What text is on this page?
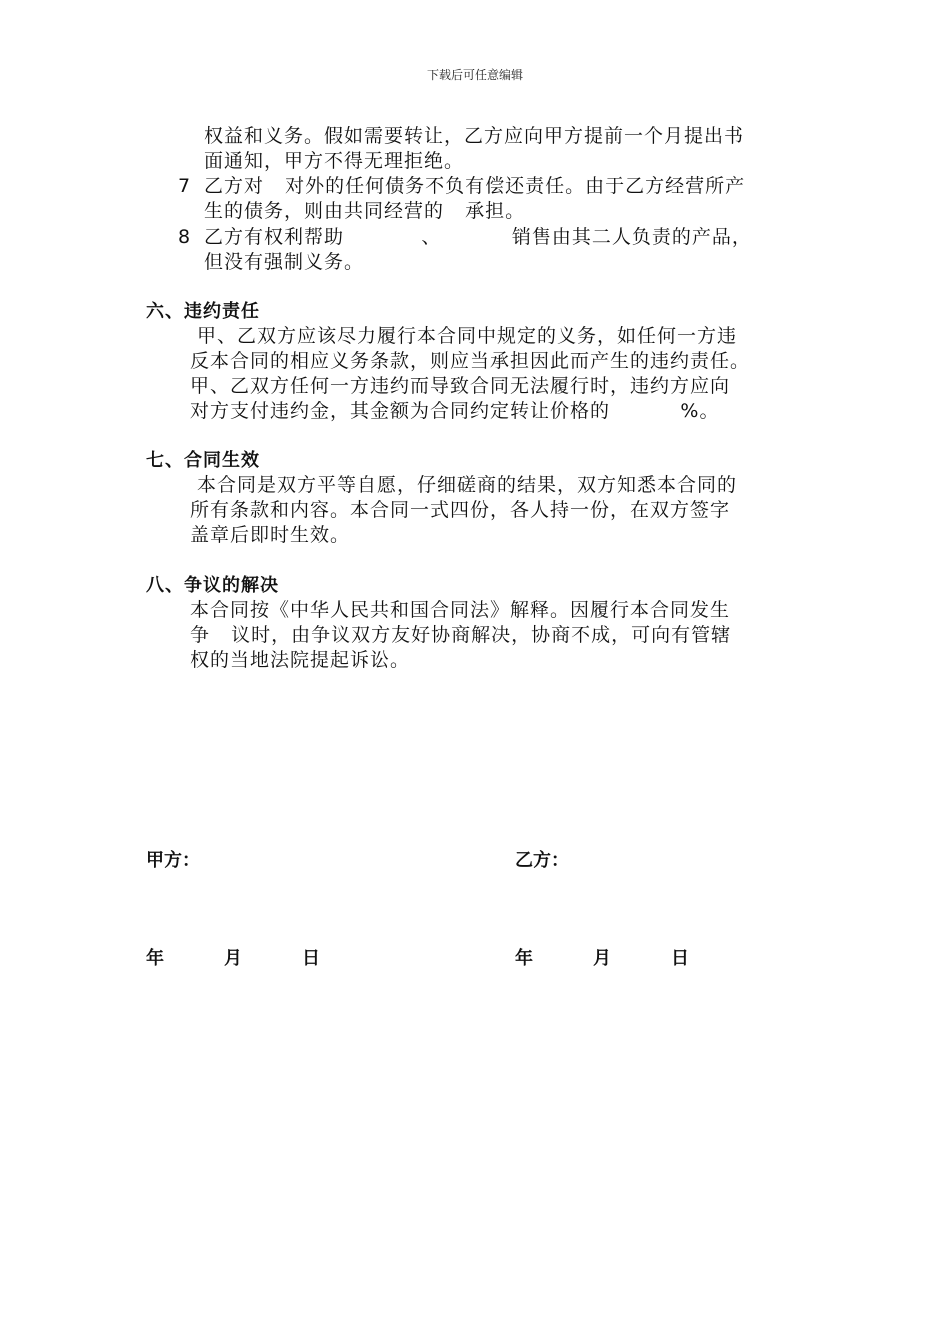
下载后可任意编辑
权益和义务。假如需要转让，乙方应向甲方提前一个月提出书
面通知，甲方不得无理拒绝。
7 乙方对   对外的任何债务不负有偿还责任。由于乙方经营所产
生的债务，则由共同经营的   承担。
8 乙方有权利帮助           、          销售由其二人负责的产品，
但没有强制义务。
六、违约责任
甲、乙双方应该尽力履行本合同中规定的义务，如任何一方违
反本合同的相应义务条款，则应当承担因此而产生的违约责任。
甲、乙双方任何一方违约而导致合同无法履行时，违约方应向
对方支付违约金，其金额为合同约定转让价格的          %。
七、合同生效
本合同是双方平等自愿，仔细磋商的结果，双方知悉本合同的
所有条款和内容。本合同一式四份，各人持一份，在双方签字
盖章后即时生效。
八、争议的解决
本合同按《中华人民共和国合同法》解释。因履行本合同发生
争   议时，由争议双方友好协商解决，协商不成，可向有管辖
权的当地法院提起诉讼。
甲方：	乙方：
年	月	日	年	月	日
